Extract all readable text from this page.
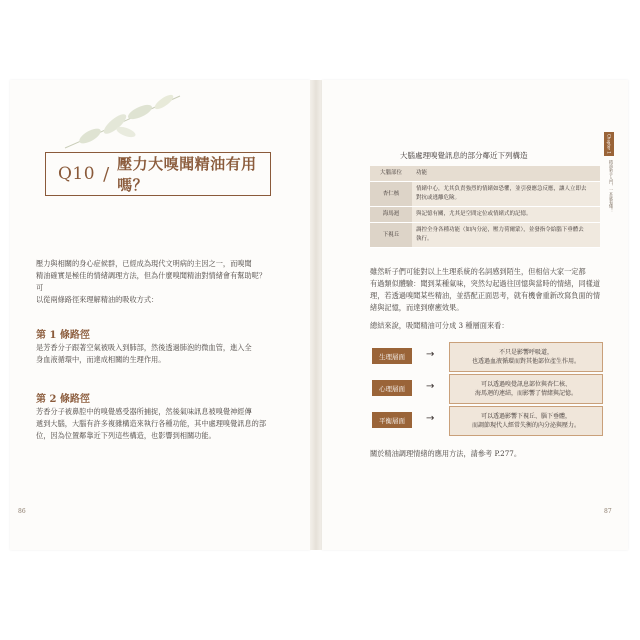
Q10 / 壓力大嗅聞精油有用嗎？
壓力與相關的身心症候群，已經成為現代文明病的主因之一，而嗅聞
精油確實是極佳的情緒調理方法，但為什麼嗅聞精油對情緒會有幫助呢？可
以從兩條路徑來理解精油的吸收方式：
第 1 條路徑
是芳香分子跟著空氣被吸入到肺部，然後透過肺泡的微血管，進入全
身血液循環中，而達成相關的生理作用。
第 2 條路徑
芳香分子被鼻腔中的嗅覺感受器所捕捉，然後氣味訊息被嗅覺神經傳
遞到大腦，大腦有許多複雜構造來執行各種功能，其中處理嗅覺訊息的部
位，因為位置鄰靠近下列這些構造，也影響到相關功能。
86
Chapter 1
精油新手入門，一本就看懂！
大腦處理嗅覺訊息的部分鄰近下列構造
大腦部位	功能
杏仁核	情緒中心，尤其負責強烈的情緒如恐懼，並引發應急反應，讓人立即去
對抗或逃離危險。

海馬迴	與記憶有關，尤其是空間定位或情緒式的記憶。

下視丘	調控全身各種功能（如內分泌，壓力荷爾蒙），並發指令給腦下垂體去
執行。
雖然昕子們可能對以上生理系統的名詞感到陌生，但相信大家一定都
有過類似體驗：聞到某種氣味，突然勾起過往回憶與當時的情緒，同樣道
理，若透過嗅聞某些精油，並搭配正面思考，就有機會重新改寫負面的情
緒與記憶，而達到療癒效果。
總結來說，吸聞精油可分成 3 種層面來看：
生理層面	→	不只是影響呼吸道，
也透過血液循環而對其他部位產生作用。
心理層面	→	可以透過嗅覺訊息部位與杏仁核、
海馬迴的連結，而影響了情緒與記憶。
平衡層面	→	可以透過影響下視丘、腦下垂體，
而調節現代人經常失衡的內分泌與壓力。
關於精油調理情緒的應用方法，請參考 P.277。
87
